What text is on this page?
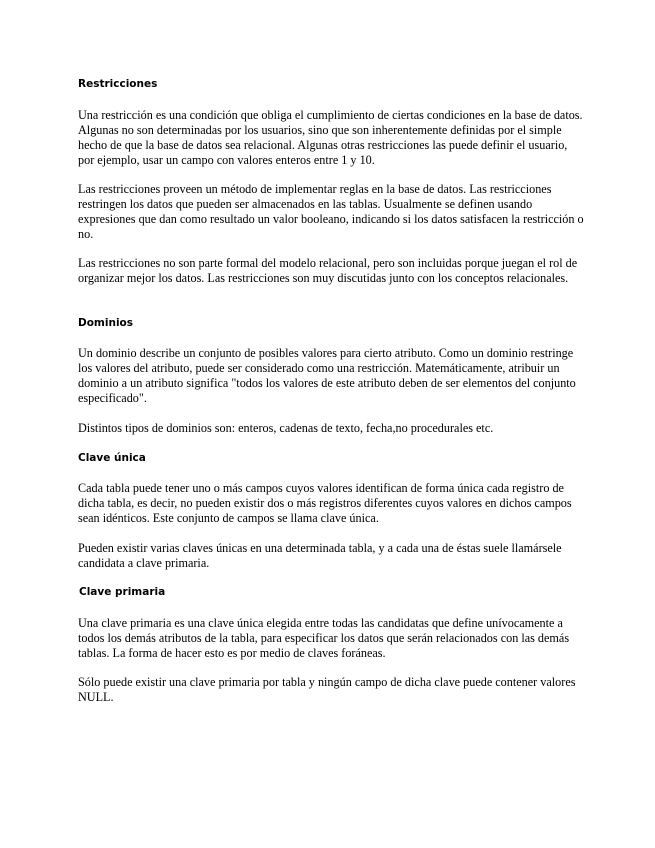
Restricciones

Una restricción es una condición que obliga el cumplimiento de ciertas condiciones en la base de datos. Algunas no son determinadas por los usuarios, sino que son inherentemente definidas por el simple hecho de que la base de datos sea relacional. Algunas otras restricciones las puede definir el usuario, por ejemplo, usar un campo con valores enteros entre 1 y 10.

Las restricciones proveen un método de implementar reglas en la base de datos. Las restricciones restringen los datos que pueden ser almacenados en las tablas. Usualmente se definen usando expresiones que dan como resultado un valor booleano, indicando si los datos satisfacen la restricción o no.

Las restricciones no son parte formal del modelo relacional, pero son incluidas porque juegan el rol de organizar mejor los datos. Las restricciones son muy discutidas junto con los conceptos relacionales.

Dominios

Un dominio describe un conjunto de posibles valores para cierto atributo. Como un dominio restringe los valores del atributo, puede ser considerado como una restricción. Matemáticamente, atribuir un dominio a un atributo significa "todos los valores de este atributo deben de ser elementos del conjunto especificado".

Distintos tipos de dominios son: enteros, cadenas de texto, fecha,no procedurales etc.

Clave única

Cada tabla puede tener uno o más campos cuyos valores identifican de forma única cada registro de dicha tabla, es decir, no pueden existir dos o más registros diferentes cuyos valores en dichos campos sean idénticos. Este conjunto de campos se llama clave única.

Pueden existir varias claves únicas en una determinada tabla, y a cada una de éstas suele llamársele candidata a clave primaria.

Clave primaria

Una clave primaria es una clave única elegida entre todas las candidatas que define unívocamente a todos los demás atributos de la tabla, para especificar los datos que serán relacionados con las demás tablas. La forma de hacer esto es por medio de claves foráneas.

Sólo puede existir una clave primaria por tabla y ningún campo de dicha clave puede contener valores NULL.
